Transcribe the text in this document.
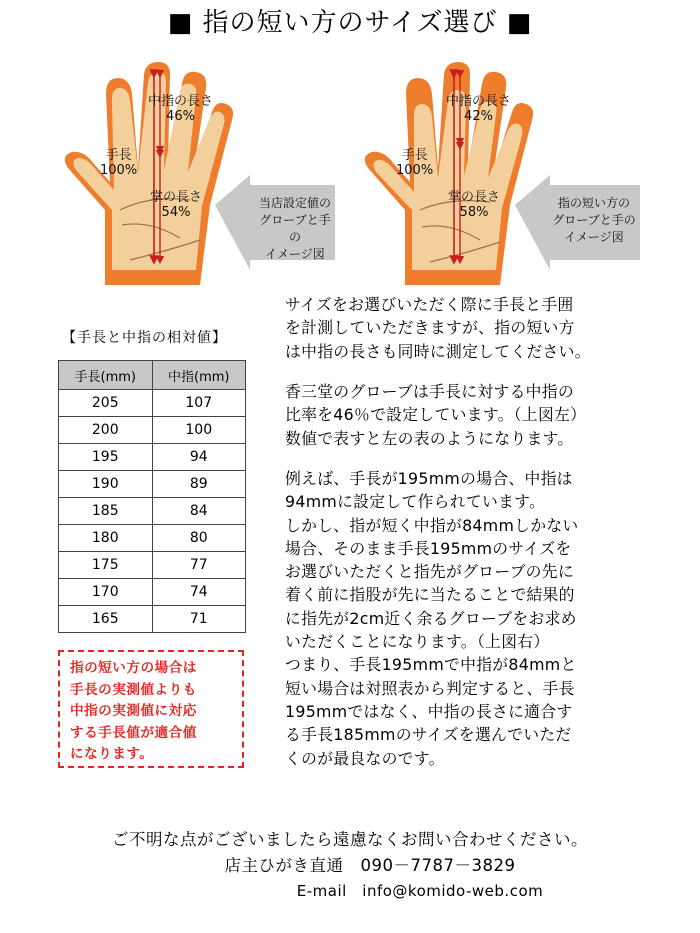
■ 指の短い方のサイズ選び ■
中指の長さ
46%
手長
100%
掌の長さ
54%
当店設定値の
グローブと手の
イメージ図
中指の長さ
42%
手長
100%
掌の長さ
58%
指の短い方の
グローブと手の
イメージ図
【手長と中指の相対値】
手長(mm)	中指(mm)
205	107
200	100
195	94
190	89
185	84
180	80
175	77
170	74
165	71
指の短い方の場合は
手長の実測値よりも
中指の実測値に対応
する手長値が適合値
になります。
サイズをお選びいただく際に手長と手囲
を計測していただきますが、指の短い方
は中指の長さも同時に測定してください。
香三堂のグローブは手長に対する中指の
比率を46％で設定しています。（上図左）
数値で表すと左の表のようになります。
例えば、手長が195mmの場合、中指は
94mmに設定して作られています。
しかし、指が短く中指が84mmしかない
場合、そのまま手長195mmのサイズを
お選びいただくと指先がグローブの先に
着く前に指股が先に当たることで結果的
に指先が2cm近く余るグローブをお求め
いただくことになります。（上図右）
つまり、手長195mmで中指が84mmと
短い場合は対照表から判定すると、手長
195mmではなく、中指の長さに適合す
る手長185mmのサイズを選んでいただ
くのが最良なのです。
ご不明な点がございましたら遠慮なくお問い合わせください。
店主ひがき直通　090－7787－3829
E-mail　info@komido-web.com
